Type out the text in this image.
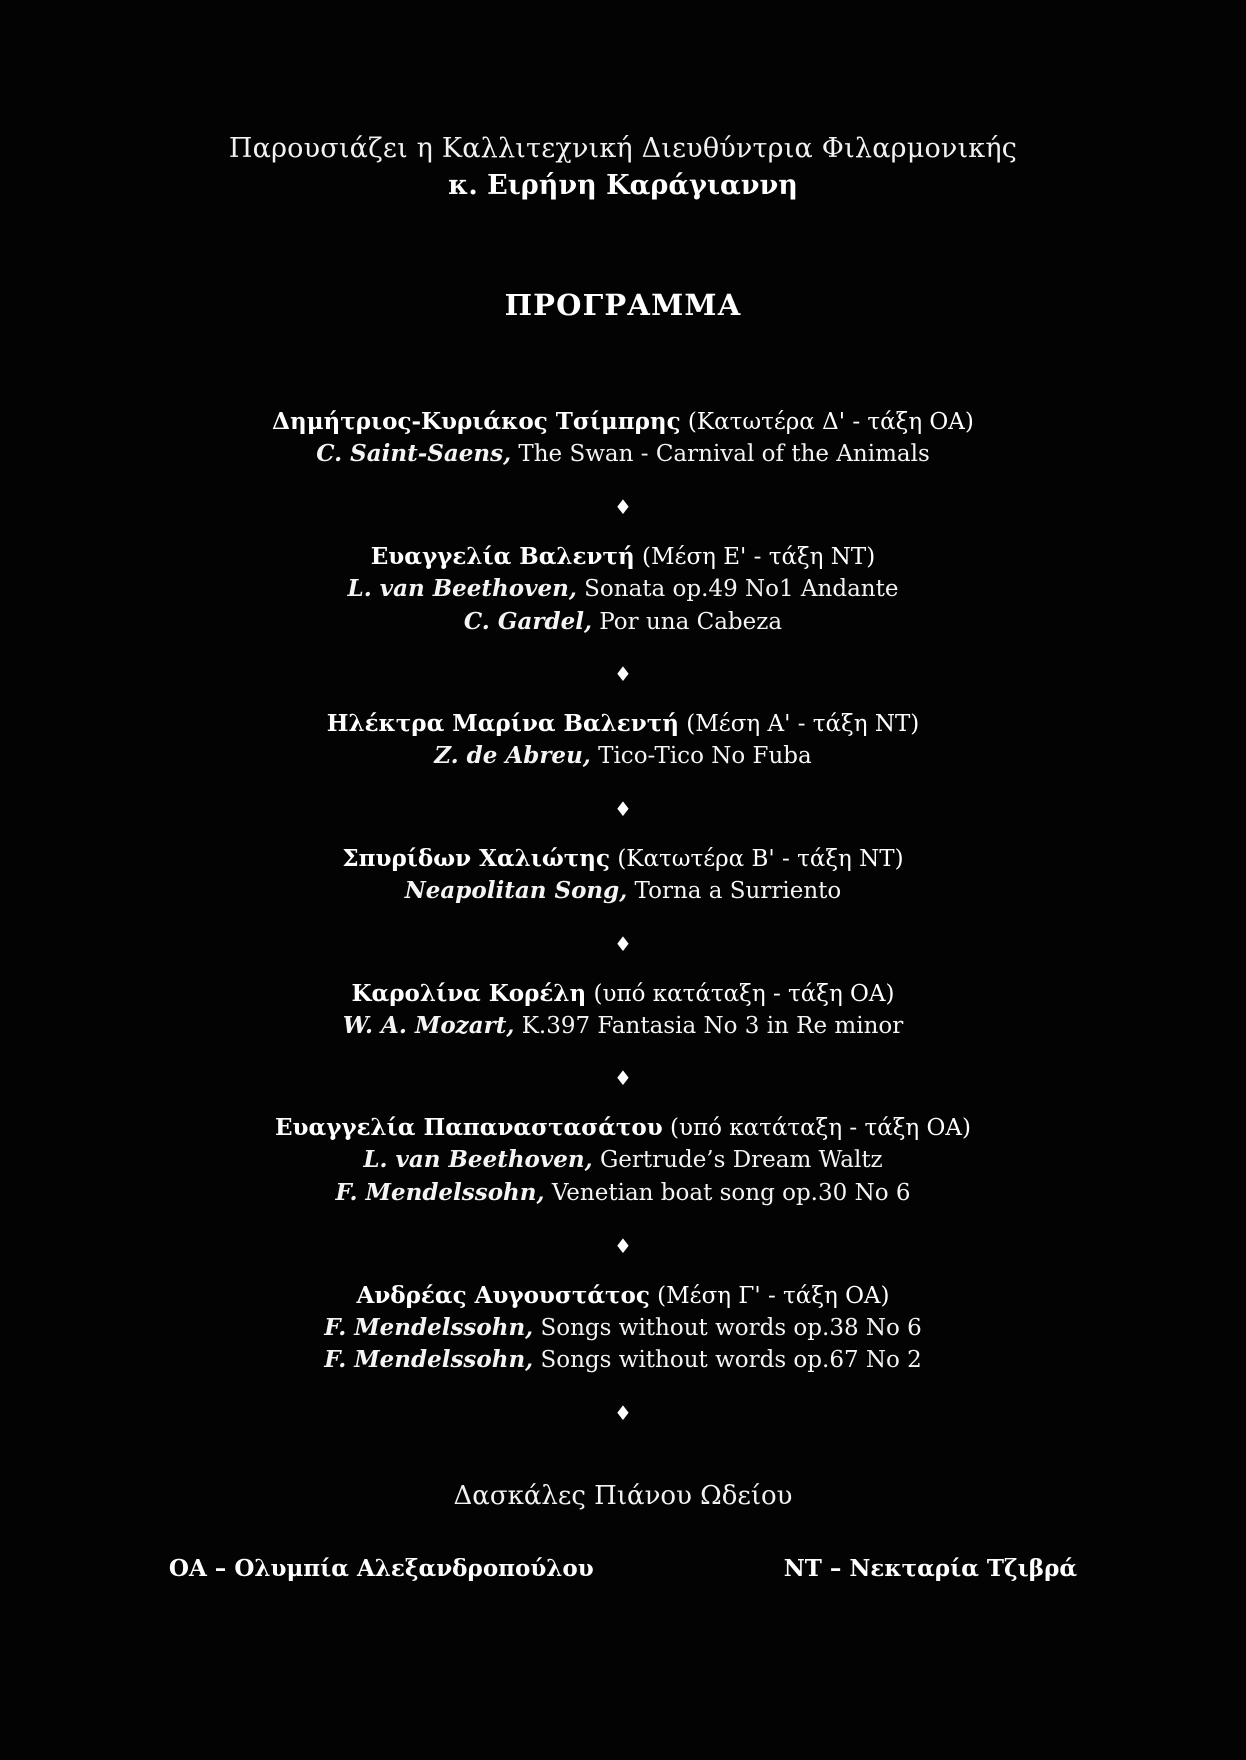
Παρουσιάζει η Καλλιτεχνική Διευθύντρια Φιλαρμονικής
κ. Ειρήνη Καράγιαννη
ΠΡΟΓΡΑΜΜΑ
Δημήτριος-Κυριάκος Τσίμπρης (Κατωτέρα Δ' - τάξη ΟΑ)
C. Saint-Saens, The Swan - Carnival of the Animals
♦
Ευαγγελία Βαλεντή (Μέση Ε' - τάξη ΝΤ)
L. van Beethoven, Sonata op.49 No1 Andante
C. Gardel, Por una Cabeza
♦
Ηλέκτρα Μαρίνα Βαλεντή (Μέση Α' - τάξη ΝΤ)
Z. de Abreu, Tico-Tico No Fuba
♦
Σπυρίδων Χαλιώτης (Κατωτέρα Β' - τάξη ΝΤ)
Neapolitan Song, Torna a Surriento
♦
Καρολίνα Κορέλη (υπό κατάταξη - τάξη ΟΑ)
W. A. Mozart, K.397 Fantasia No 3 in Re minor
♦
Ευαγγελία Παπαναστασάτου (υπό κατάταξη - τάξη ΟΑ)
L. van Beethoven, Gertrude’s Dream Waltz
F. Mendelssohn, Venetian boat song op.30 No 6
♦
Ανδρέας Αυγουστάτος (Μέση Γ' - τάξη ΟΑ)
F. Mendelssohn, Songs without words op.38 No 6
F. Mendelssohn, Songs without words op.67 No 2
♦
Δασκάλες Πιάνου Ωδείου
ΟΑ – Ολυμπία Αλεξανδροπούλου	ΝΤ – Νεκταρία Τζιβρά
